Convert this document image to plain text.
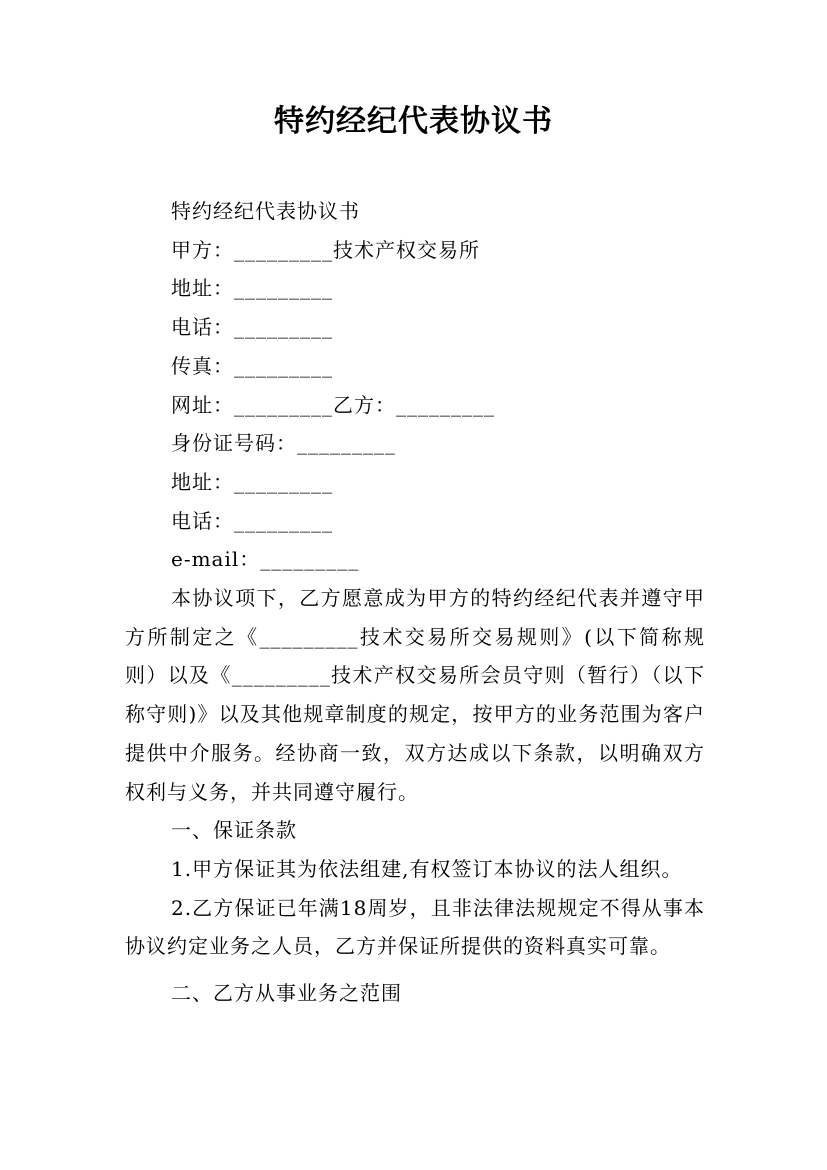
特约经纪代表协议书
特约经纪代表协议书
甲方：_________技术产权交易所
地址：_________
电话：_________
传真：_________
网址：_________乙方：_________
身份证号码：_________
地址：_________
电话：_________
e-mail：_________
本协议项下，乙方愿意成为甲方的特约经纪代表并遵守甲方所制定之《_________技术交易所交易规则》(以下简称规则）以及《_________技术产权交易所会员守则（暂行）（以下称守则)》以及其他规章制度的规定，按甲方的业务范围为客户提供中介服务。经协商一致，双方达成以下条款，以明确双方权利与义务，并共同遵守履行。
一、保证条款
1.甲方保证其为依法组建,有权签订本协议的法人组织。
2.乙方保证已年满18周岁，且非法律法规规定不得从事本协议约定业务之人员，乙方并保证所提供的资料真实可靠。
二、乙方从事业务之范围
